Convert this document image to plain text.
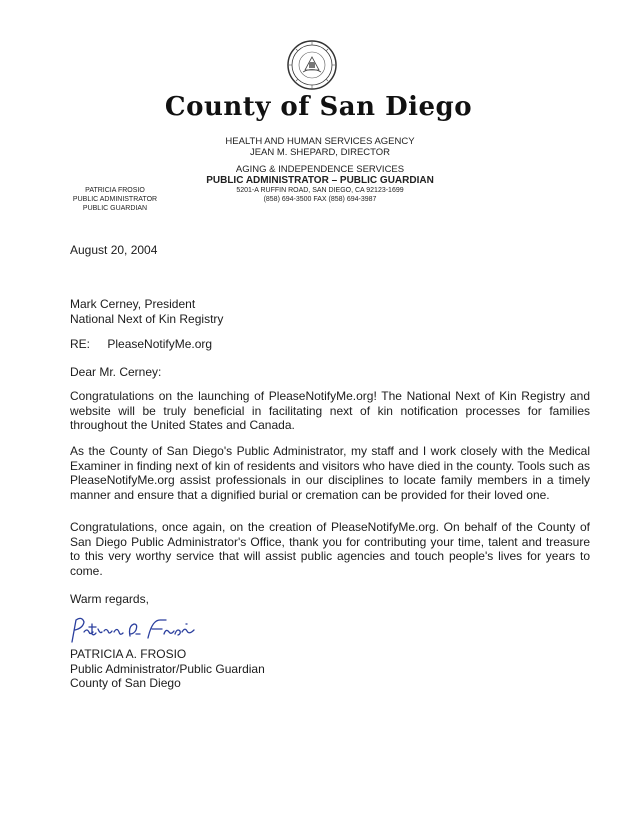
County of San Diego
HEALTH AND HUMAN SERVICES AGENCY
JEAN M. SHEPARD, DIRECTOR
AGING & INDEPENDENCE SERVICES
PUBLIC ADMINISTRATOR – PUBLIC GUARDIAN
5201-A RUFFIN ROAD, SAN DIEGO, CA 92123-1699
(858) 694-3500 FAX (858) 694-3987
PATRICIA FROSIO
PUBLIC ADMINISTRATOR
PUBLIC GUARDIAN
August 20, 2004
Mark Cerney, President
National Next of Kin Registry
RE: PleaseNotifyMe.org
Dear Mr. Cerney:
Congratulations on the launching of PleaseNotifyMe.org! The National Next of Kin Registry and website will be truly beneficial in facilitating next of kin notification processes for families throughout the United States and Canada.
As the County of San Diego's Public Administrator, my staff and I work closely with the Medical Examiner in finding next of kin of residents and visitors who have died in the county. Tools such as PleaseNotifyMe.org assist professionals in our disciplines to locate family members in a timely manner and ensure that a dignified burial or cremation can be provided for their loved one.
Congratulations, once again, on the creation of PleaseNotifyMe.org. On behalf of the County of San Diego Public Administrator's Office, thank you for contributing your time, talent and treasure to this very worthy service that will assist public agencies and touch people's lives for years to come.
Warm regards,
PATRICIA A. FROSIO
Public Administrator/Public Guardian
County of San Diego
